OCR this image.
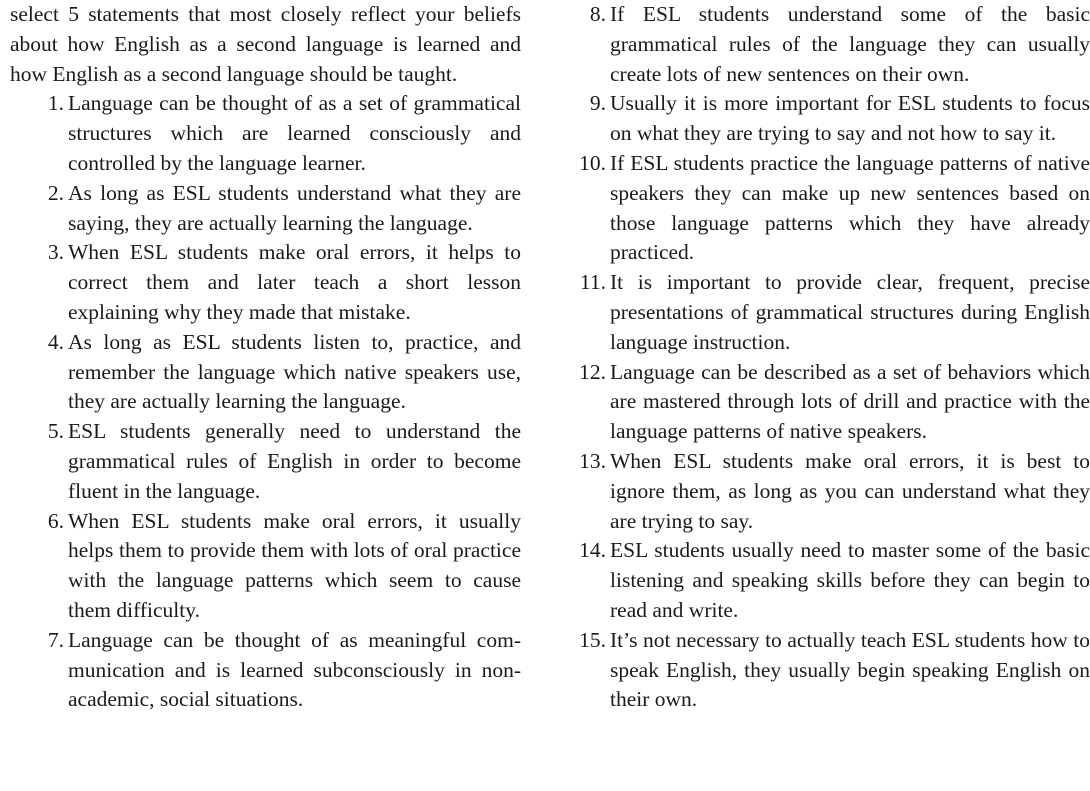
select 5 statements that most closely reflect your beliefs about how English as a second language is learned and how English as a second language should be taught.

1. Language can be thought of as a set of grammatical structures which are learned consciously and controlled by the language learner.
2. As long as ESL students understand what they are saying, they are actually learning the language.
3. When ESL students make oral errors, it helps to correct them and later teach a short lesson explaining why they made that mistake.
4. As long as ESL students listen to, practice, and remember the language which native speakers use, they are actually learning the language.
5. ESL students generally need to understand the grammatical rules of English in order to become fluent in the language.
6. When ESL students make oral errors, it usually helps them to provide them with lots of oral practice with the language patterns which seem to cause them difficulty.
7. Language can be thought of as meaningful communication and is learned subconsciously in non-academic, social situations.
8. If ESL students understand some of the basic grammatical rules of the language they can usually create lots of new sentences on their own.
9. Usually it is more important for ESL students to focus on what they are trying to say and not how to say it.
10. If ESL students practice the language patterns of native speakers they can make up new sentences based on those language patterns which they have already practiced.
11. It is important to provide clear, frequent, precise presentations of grammatical structures during English language instruction.
12. Language can be described as a set of behaviors which are mastered through lots of drill and practice with the language patterns of native speakers.
13. When ESL students make oral errors, it is best to ignore them, as long as you can understand what they are trying to say.
14. ESL students usually need to master some of the basic listening and speaking skills before they can begin to read and write.
15. It’s not necessary to actually teach ESL students how to speak English, they usually begin speaking English on their own.
